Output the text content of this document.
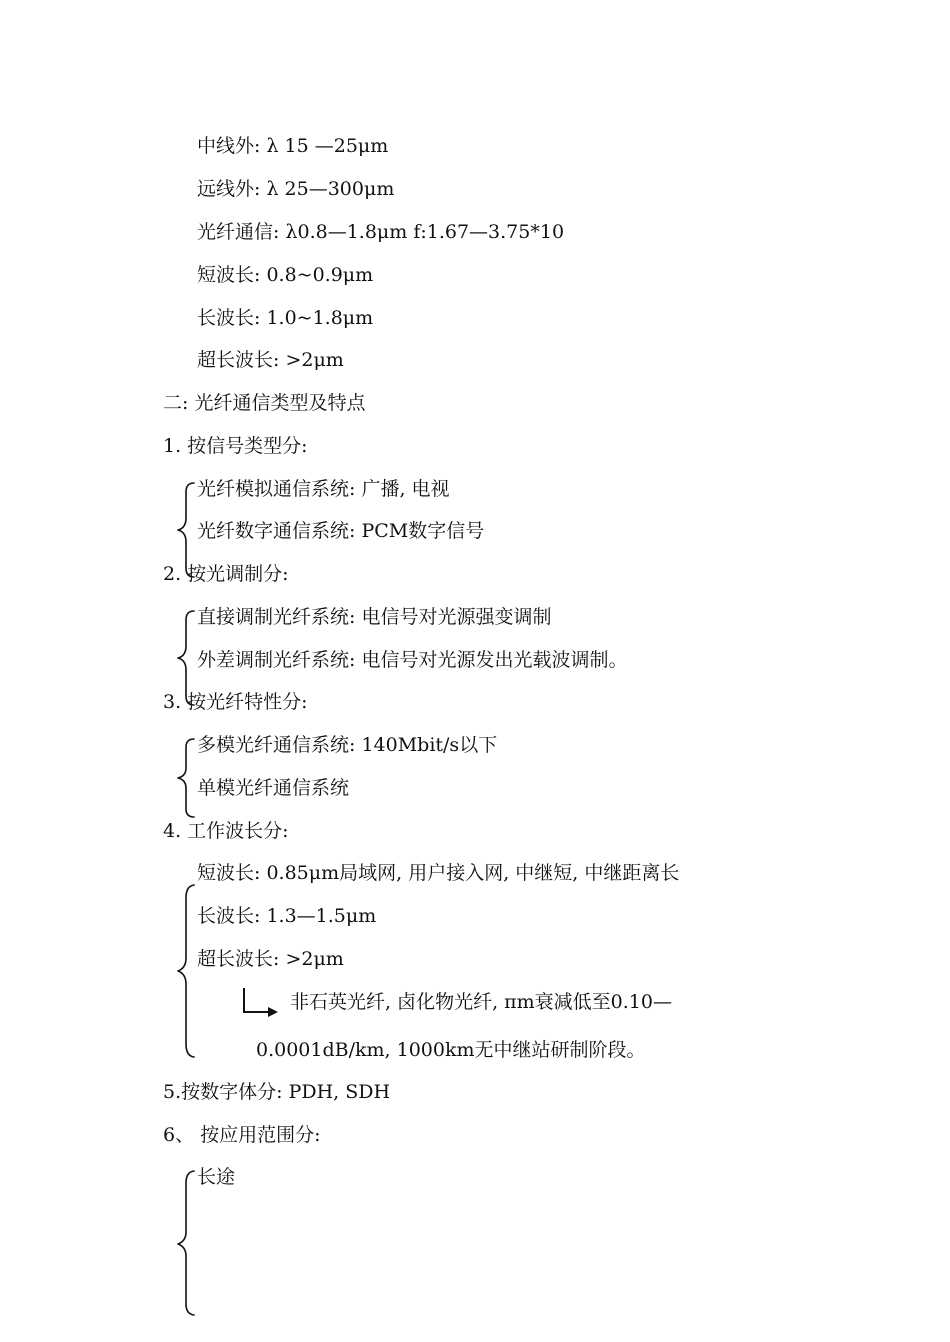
中线外: λ 15 —25μm
远线外: λ 25—300μm
光纤通信: λ0.8—1.8μm f:1.67—3.75*10
短波长: 0.8~0.9μm
长波长: 1.0~1.8μm
超长波长: >2μm
二: 光纤通信类型及特点
1. 按信号类型分:
光纤模拟通信系统: 广播, 电视
光纤数字通信系统: PCM数字信号
2. 按光调制分:
直接调制光纤系统: 电信号对光源强变调制
外差调制光纤系统: 电信号对光源发出光载波调制。
3. 按光纤特性分:
多模光纤通信系统: 140Mbit/s以下
单模光纤通信系统
4. 工作波长分:
短波长: 0.85μm局域网, 用户接入网, 中继短, 中继距离长
长波长: 1.3—1.5μm
超长波长: >2μm
非石英光纤, 卤化物光纤, πm衰减低至0.10—
0.0001dB/km, 1000km无中继站研制阶段。
5.按数字体分: PDH, SDH
6、 按应用范围分:
长途
